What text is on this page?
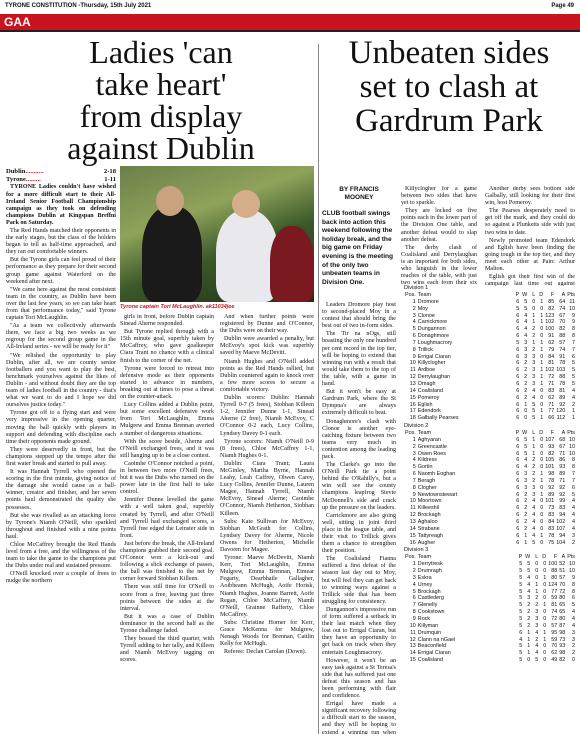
TYRONE CONSTITUTION -Thursday, 15th July 2021	Page 49
GAA
Ladies 'can
take heart'
from display
against Dublin
Dublin...........	2-18
Tyrone.........	1-11

TYRONE Ladies couldn't have wished for a more difficult start to their All-Ireland Senior Football Championship campaign as they took on defending champions Dublin at Kingspan Breffni Park on Saturday.

The Red Hands matched their opponents in the early stages, but the class of the holders began to tell as half-time approached, and they ran out comfortable winners.

But the Tyrone girls can feel proud of their performance as they prepare for their second group game against Waterford on the weekend after next.

"We came here against the most consistent team in the country, as Dublin have been over the last few years, so we can take heart from that performance today," said Tyrone captain Tori McLaughlin.

"As a team we collectively afterwards there, we face a big two weeks as we regroup for the second group game in the All-Ireland series - we will be ready for it"

"We relished the opportunity to play Dublin, after all, we are county senior footballers and you want to play the best, benchmark yourselves against the likes of Dublin - and without doubt they are the top team of ladies football in the country - that's what we want to do and I hope we did ourselves justice today."

Tyrone got off to a flying start and were very impressive in the opening quarter, moving the ball quickly with players in support and defending with discipline each time their opponents made ground.

They were deservedly in front, but the champions stepped up the tempo after the first water break and started to pull away.

It was Hannah Tyrrell who opened the scoring in the first minute, giving notice of the damage she would cause as a ball-winner, creator and finisher, and her seven points haul demonstrated the quality she possesses.

But she was rivalled as an attacking force by Tyrone's Niamh O'Neill, who sparkled throughout and finished with a nine points haul.

Chloe McCaffrey brought the Red Hands level from a free, and the willingness of the team to take the game to the champions put the Dubs under real and sustained pressure.

O'Neill knocked over a couple of frees to nudge the northern

Tyrone captain Tori McLaughlin. ak11034jee

girls in front, before Dublin captain Sinead Aherne responded.

But Tyrone replied through with a 15th minute goal, superbly taken by McCaffrey, who gave goalkeeper Ciara Trant no chance with a clinical finish to the corner of the net.

Tyrone were forced to retreat into defensive mode as their opponents started to advance in numbers, breaking out at times to pose a threat on the counter-attack.

Lucy Collins added a Dublin point, but some excellent defensive work from Tori McLaughlin, Emma Mulgrew and Emma Brennan averted a number of dangerous situations.

With the score beside, Aherne and O'Neill exchanged frees, and it was still hanging up to be a close contest.

Caoimhe O'Connor notched a point, in between two more O'Neill frees, but it was the Dubs who turned on the power late in the first half to take control.

Jennifer Dunne levelled the game with a well taken goal, superbly created by Tyrrell, and after O'Neill and Tyrrell had exchanged scores, a Tyrrell free edged the Leinster side in front.

Just before the break, the All-Ireland champions grabbed their second goal. O'Connor won a kick-out and following a slick exchange of passes, the ball was finished to the net by corner forward Siobhan Killeen.

There was still time for O'Neill to score from a free, leaving just three points between the sides at the interval.

But it was a case of Dublin dominance in the second half as the Tyrone challenge faded.

They bossed the third quarter, with Tyrrell adding to her tally, and Killeen and Niamh McEvoy tagging on scores.

And when further points were registered by Dunne and O'Connor, the Dubs were on their way.

Dublin were awarded a penalty, but McEvoy's spot kick was superbly saved by Maeve McDevitt.

Niamh Hughes and O'Neill added points as the Red Hands rallied, but Dublin countered again to knock over a few more scores to secure a comfortable victory.

Dublin scorers: Dublin: Hannah Tyrrell 0-7 (5 frees), Siobhan Killeen 1-2, Jennifer Dunne 1-1, Sinead Aherne (2 free), Niamh McEvoy, C O'Connor 0-2 each, Lucy Collins, Lyndsey Davey 0-1 each.

Tyrone scorers: Niamh O'Neill 0-9 (8 frees), Chloe McCaffrey 1-1, Niamh Hughes 0-1.

Dublin: Ciara Trant; Laura McGinley, Martha Byrne, Hannah Leahy, Leah Caffrey, Olwen Carey, Lucy Collins, Jennifer Dunne, Lauren Magee, Hannah Tyrrell, Niamh McEvoy, Sinead Aherne; Caoimhe O'Connor, Niamh Hetherton, Siobhan Killeen.

Subs: Kate Sullivan for McEvoy, Siobhan McGrath for Collins, Lyndsey Davey for Aherne, Nicole Owens for Hetherton, Michelle Davoren for Magee.

Tyrone: Maeve McDevitt, Niamh Kerr, Tori McLaughlin, Emma Mulgrew, Emma Brennan, Eimear Fegarty, Dearbhaile Gallagher, Aoibheann McHugh, Aoife Horisk, Niamh Hughes, Joanne Barrett, Aoife Regan, Chloe McCaffrey, Niamh O'Neill, Grainne Rafferty, Chloe McCaffrey.

Subs: Christine Horner for Kerr, Grace McKenna for Mulgrew, Nenagh Woods for Brennan, Caitlin Kelly for McHugh.

Referee: Declan Carolan (Down).

Unbeaten sides
set to clash at
Gardrum Park
BY FRANCIS
MOONEY
CLUB football swings back into action this weekend following the holiday break, and the big game on Friday evening is the meeting of the only two unbeaten teams in Division One.

Leaders Dromore play host to second-placed Moy in a contest that should bring the best out of two in-form sides.

The Tir na nOgs, still boasting the only one hundred per cent record in the top tier, will be hoping to extend that winning run with a result that would take them to the top of the table, with a game in hand.

But it won't be easy at Gardrum Park, where the St Dympna's are always extremely difficult to beat.

Donaghmore's clash with Clonoe is another eye-catching fixture between two teams very much in contention among the leading pack.

The Clarke's go into the O'Neill Park tie a point behind the O'Rahilly's, but a win will see the county champions leapfrog Stevie McDonnell's side and crack up the pressure on the leaders.

Carrickmore are also going well, sitting in joint third place in the league table, and their visit to Trillick gives them a chance to strengthen their position.

The Coalisland Fianna suffered a first defeat of the season last day out to Moy, but will feel they can get back to winning ways against a Trillick side that has been struggling for consistency.

Dungannon's impressive run of form suffered a setback in their last match when they lost out to Errigal Ciaran, but they have an opportunity to get back on track when they entertain Loughmacrory.

However, it won't be an easy task against a St Teresa's side that has suffered just one defeat this season and has been performing with flair and confidence.

Errigal have made a significant recovery following a difficult start to the season, and they will be hoping to extend a winning run when

Killyclogher for a game between two sides that have yet to sparkle.

They are locked on five points each in the lower part of the Division One table, and another defeat would to slap another defeat.

The derby clash of Coalisland and Derrylaughan is an important for both sides, who languish in the lower reaches of the table, with just two wins each from their six

Another derby sees bottom side Galbally, still looking for their first win, host Pomeroy.

The Pearses desperately need to get off the mark, and they could do so against a Plunketts side with just two wins to date.

Newly promoted team Edendork and Eglish have been finding the going tough in the top tier, and they meet each other at Pairc Arthur Malton.

Eglish got their first win of the campaign last time out against

Division 1
Pos.	Team	P	W	L	D	F	A	Pts
1	Dromore	6	5	0	1	85	64	11
2	Moy	5	5	0	0	82	74	10
3	Clonoe	6	4	1	1	123	67	9
4	Carrickmore	6	4	1	1	102	70	9
5	Dungannon	6	4	2	0	100	82	8
6	Donaghmore	6	4	2	0	91	88	8
7	Loughmacrory	5	3	1	1	62	57	7
8	Trillick	6	3	2	1	79	74	7
9	Errigal Ciaran	6	3	3	0	84	91	6
10	Killyclogher	6	2	3	1	81	78	5
11	Ardboe	6	2	3	1	102	103	5
12	Derrylaughan	6	2	3	1	72	88	5
13	Omagh	6	2	3	1	71	78	5
14	Coalisland	6	2	4	0	83	81	4
15	Pomeroy	6	2	4	0	62	89	4
16	Eglish	6	1	5	0	71	92	2
17	Edendork	6	0	5	1	77	120	1
18	Galbally Pearses	6	0	5	1	66	112	1
Division 2
Pos.	Team	P	W	L	D	F	A	Pts
1	Aghyaran	6	5	1	0	107	68	10
2	Greencastle	6	5	1	0	93	67	10
3	Owen Roes	6	5	1	0	82	71	10
4	Kildress	6	4	2	0	105	86	8
5	Gortin	6	4	2	0	101	93	8
6	Naomh Eoghan	6	3	2	1	98	89	7
7	Beragh	6	3	2	1	78	71	7
8	Clogher	6	3	3	0	92	92	6
9	Newtownstewart	6	2	3	1	89	92	5
10	Moortown	6	2	4	0	101	99	4
11	Killeeshil	6	2	4	0	73	83	4
12	Brockagh	6	2	4	0	83	94	4
13	Aghaloo	6	2	4	0	84	102	4
14	Strabane	6	2	4	0	83	107	4
15	Tattyreagh	6	1	4	1	78	94	3
16	Augher	6	1	5	0	75	104	2
Division 3
Pos.	Team	P	W	L	D	F	A	Pts
1	Derrytresk	5	5	0	0	100	52	10
2	Drumragh	5	5	0	0	88	51	10
3	Eskra	5	4	0	1	80	57	9
4	Urney	5	4	1	0	124	70	8
5	Brockagh	5	4	1	0	77	72	8
6	Castlederg	5	3	2	0	59	80	6
7	Glenelly	5	2	2	1	81	65	5
8	Cookstown	5	2	3	0	74	65	4
9	Rock	5	2	3	0	72	80	4
10	Killyman	5	2	3	0	57	87	4
11	Drumquin	6	1	4	1	95	98	3
12	Clann na nGael	4	1	2	1	59	73	3
13	Beaconfield	5	1	4	0	70	93	2
14	Errigal Ciaran	5	1	4	0	62	98	2
15	Coalisland	5	0	5	0	49	82	0
